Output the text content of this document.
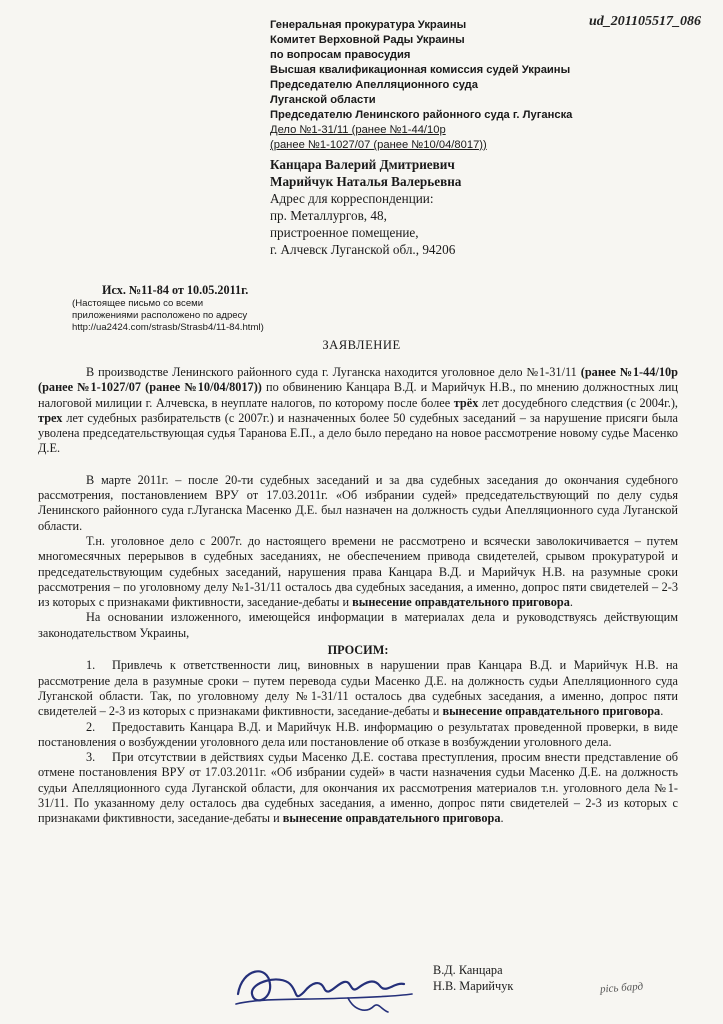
ud_201105517_086
Генеральная прокуратура Украины
Комитет Верховной Рады Украины
по вопросам правосудия
Высшая квалификационная комиссия судей Украины
Председателю Апелляционного суда
Луганской области
Председателю Ленинского районного суда г. Луганска
Дело №1-31/11 (ранее №1-44/10р
(ранее №1-1027/07 (ранее №10/04/8017))
Канцара Валерий Дмитриевич
Марийчук Наталья Валерьевна
Адрес для корреспонденции:
пр. Металлургов, 48,
пристроенное помещение,
г. Алчевск Луганской обл., 94206
Исх. №11-84 от 10.05.2011г.
(Настоящее письмо со всеми
приложениями расположено по адресу
http://ua2424.com/strasb/Strasb4/11-84.html)
ЗАЯВЛЕНИЕ

В производстве Ленинского районного суда г. Луганска находится уголовное дело №1-31/11 (ранее №1-44/10р (ранее №1-1027/07 (ранее №10/04/8017)) по обвинению Канцара В.Д. и Марийчук Н.В., по мнению должностных лиц налоговой милиции г. Алчевска, в неуплате налогов, по которому после более трёх лет досудебного следствия (с 2004г.), трех лет судебных разбирательств (с 2007г.) и назначенных более 50 судебных заседаний – за нарушение присяги была уволена председательствующая судья Таранова Е.П., а дело было передано на новое рассмотрение новому судье Масенко Д.Е.

В марте 2011г. – после 20-ти судебных заседаний и за два судебных заседания до окончания судебного рассмотрения, постановлением ВРУ от 17.03.2011г. «Об избрании судей» председательствующий по делу судья Ленинского районного суда г.Луганска Масенко Д.Е. был назначен на должность судьи Апелляционного суда Луганской области.

Т.н. уголовное дело с 2007г. до настоящего времени не рассмотрено и всячески заволокичивается – путем многомесячных перерывов в судебных заседаниях, не обеспечением привода свидетелей, срывом прокуратурой и председательствующим судебных заседаний, нарушения права Канцара В.Д. и Марийчук Н.В. на разумные сроки рассмотрения – по уголовному делу №1-31/11 осталось два судебных заседания, а именно, допрос пяти свидетелей – 2-3 из которых с признаками фиктивности, заседание-дебаты и вынесение оправдательного приговора.

На основании изложенного, имеющейся информации в материалах дела и руководствуясь действующим законодательством Украины,

ПРОСИМ:

1. Привлечь к ответственности лиц, виновных в нарушении прав Канцара В.Д. и Марийчук Н.В. на рассмотрение дела в разумные сроки – путем перевода судьи Масенко Д.Е. на должность судьи Апелляционного суда Луганской области. Так, по уголовному делу №1-31/11 осталось два судебных заседания, а именно, допрос пяти свидетелей – 2-3 из которых с признаками фиктивности, заседание-дебаты и вынесение оправдательного приговора.

2. Предоставить Канцара В.Д. и Марийчук Н.В. информацию о результатах проведенной проверки, в виде постановления о возбуждении уголовного дела или постановление об отказе в возбуждении уголовного дела.

3. При отсутствии в действиях судьи Масенко Д.Е. состава преступления, просим внести представление об отмене постановления ВРУ от 17.03.2011г. «Об избрании судей» в части назначения судьи Масенко Д.Е. на должность судьи Апелляционного суда Луганской области, для окончания их рассмотрения материалов т.н. уголовного дела №1-31/11. По указанному делу осталось два судебных заседания, а именно, допрос пяти свидетелей – 2-3 из которых с признаками фиктивности, заседание-дебаты и вынесение оправдательного приговора.

В.Д. Канцара
Н.В. Марийчук	рісь бард
